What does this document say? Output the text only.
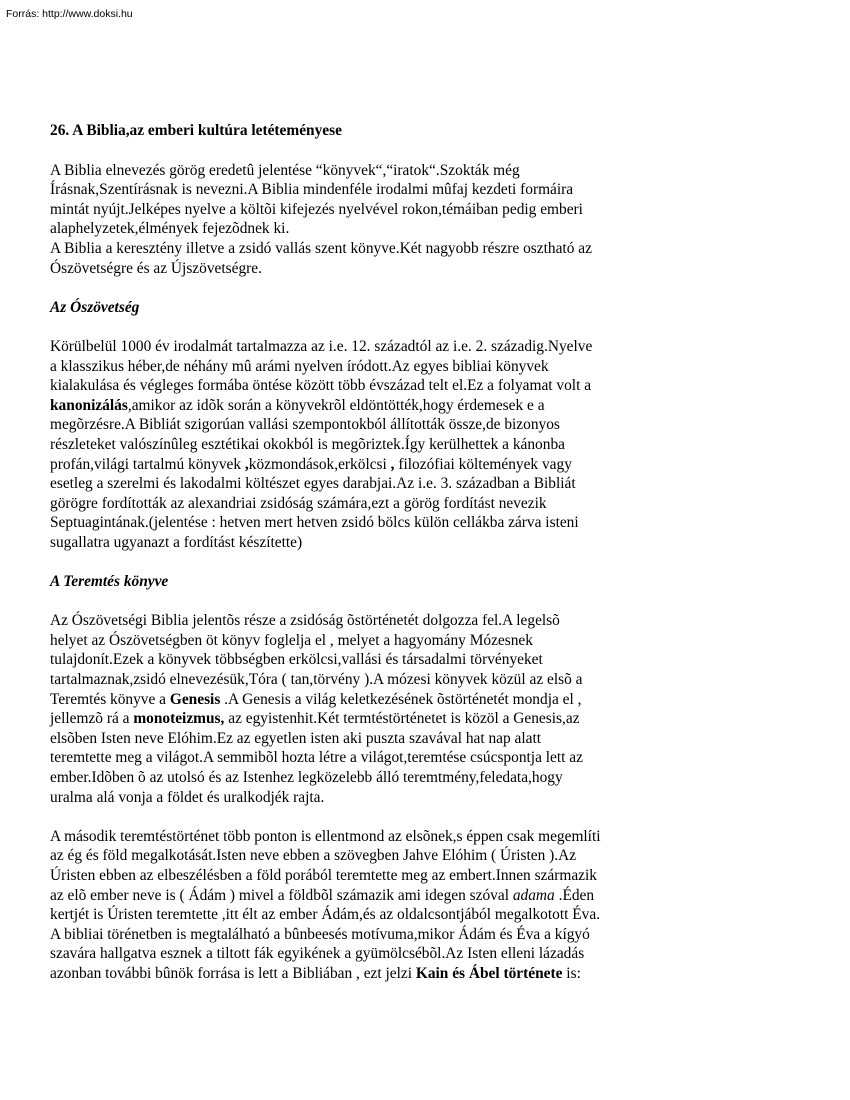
Forrás: http://www.doksi.hu
26. A Biblia,az emberi kultúra letéteményese
A Biblia elnevezés görög eredetû jelentése “könyvek“,“iratok“.Szokták még
Írásnak,Szentírásnak is nevezni.A Biblia mindenféle irodalmi mûfaj kezdeti formáira
mintát nyújt.Jelképes nyelve a költõi kifejezés nyelvével rokon,témáiban pedig emberi
alaphelyzetek,élmények fejezõdnek ki.
A Biblia a keresztény illetve a zsidó vallás szent könyve.Két nagyobb részre osztható az
Ószövetségre és az Újszövetségre.
Az Ószövetség
Körülbelül 1000 év irodalmát tartalmazza az i.e. 12. századtól az i.e. 2. századig.Nyelve
a klasszikus héber,de néhány mû arámi nyelven íródott.Az egyes bibliai könyvek
kialakulása és végleges formába öntése között több évszázad telt el.Ez a folyamat volt a
kanonizálás,amikor az idõk során a könyvekrõl eldöntötték,hogy érdemesek e a
megõrzésre.A Bibliát szigorúan vallási szempontokból állították össze,de bizonyos
részleteket valószínûleg esztétikai okokból is megõriztek.Így kerülhettek a kánonba
profán,világi tartalmú könyvek ,közmondások,erkölcsi , filozófiai költemények vagy
esetleg a szerelmi és lakodalmi költészet egyes darabjai.Az i.e. 3. században a Bibliát
görögre fordították az alexandriai zsidóság számára,ezt a görög fordítást nevezik
Septuagintának.(jelentése : hetven mert hetven zsidó bölcs külön cellákba zárva isteni
sugallatra ugyanazt a fordítást készítette)
A Teremtés könyve
Az Ószövetségi Biblia jelentõs része a zsidóság õstörténetét dolgozza fel.A legelsõ
helyet az Ószövetségben öt könyv foglelja el , melyet a hagyomány Mózesnek
tulajdonít.Ezek a könyvek többségben erkölcsi,vallási és társadalmi törvényeket
tartalmaznak,zsidó elnevezésük,Tóra ( tan,törvény ).A mózesi könyvek közül az elsõ a
Teremtés könyve a Genesis .A Genesis a világ keletkezésének õstörténetét mondja el ,
jellemzõ rá a monoteizmus, az egyistenhit.Két termtéstörténetet is közöl a Genesis,az
elsõben Isten neve Elóhim.Ez az egyetlen isten aki puszta szavával hat nap alatt
teremtette meg a világot.A semmibõl hozta létre a világot,teremtése csúcspontja lett az
ember.Idõben õ az utolsó és az Istenhez legközelebb álló teremtmény,feledata,hogy
uralma alá vonja a földet és uralkodjék rajta.
A második teremtéstörténet több ponton is ellentmond az elsõnek,s éppen csak megemlíti
az ég és föld megalkotását.Isten neve ebben a szövegben Jahve Elóhim ( Úristen ).Az
Úristen ebben az elbeszélésben a föld porából teremtette meg az embert.Innen származik
az elõ ember neve is ( Ádám ) mivel a földbõl számazik ami idegen szóval adama .Éden
kertjét is Úristen teremtette ,itt élt az ember Ádám,és az oldalcsontjából megalkotott Éva.
A bibliai törénetben is megtalálható a bûnbeesés motívuma,mikor Ádám és Éva a kígyó
szavára hallgatva esznek a tiltott fák egyikének a gyümölcsébõl.Az Isten elleni lázadás
azonban további bûnök forrása is lett a Bibliában , ezt jelzi Kain és Ábel története is:
